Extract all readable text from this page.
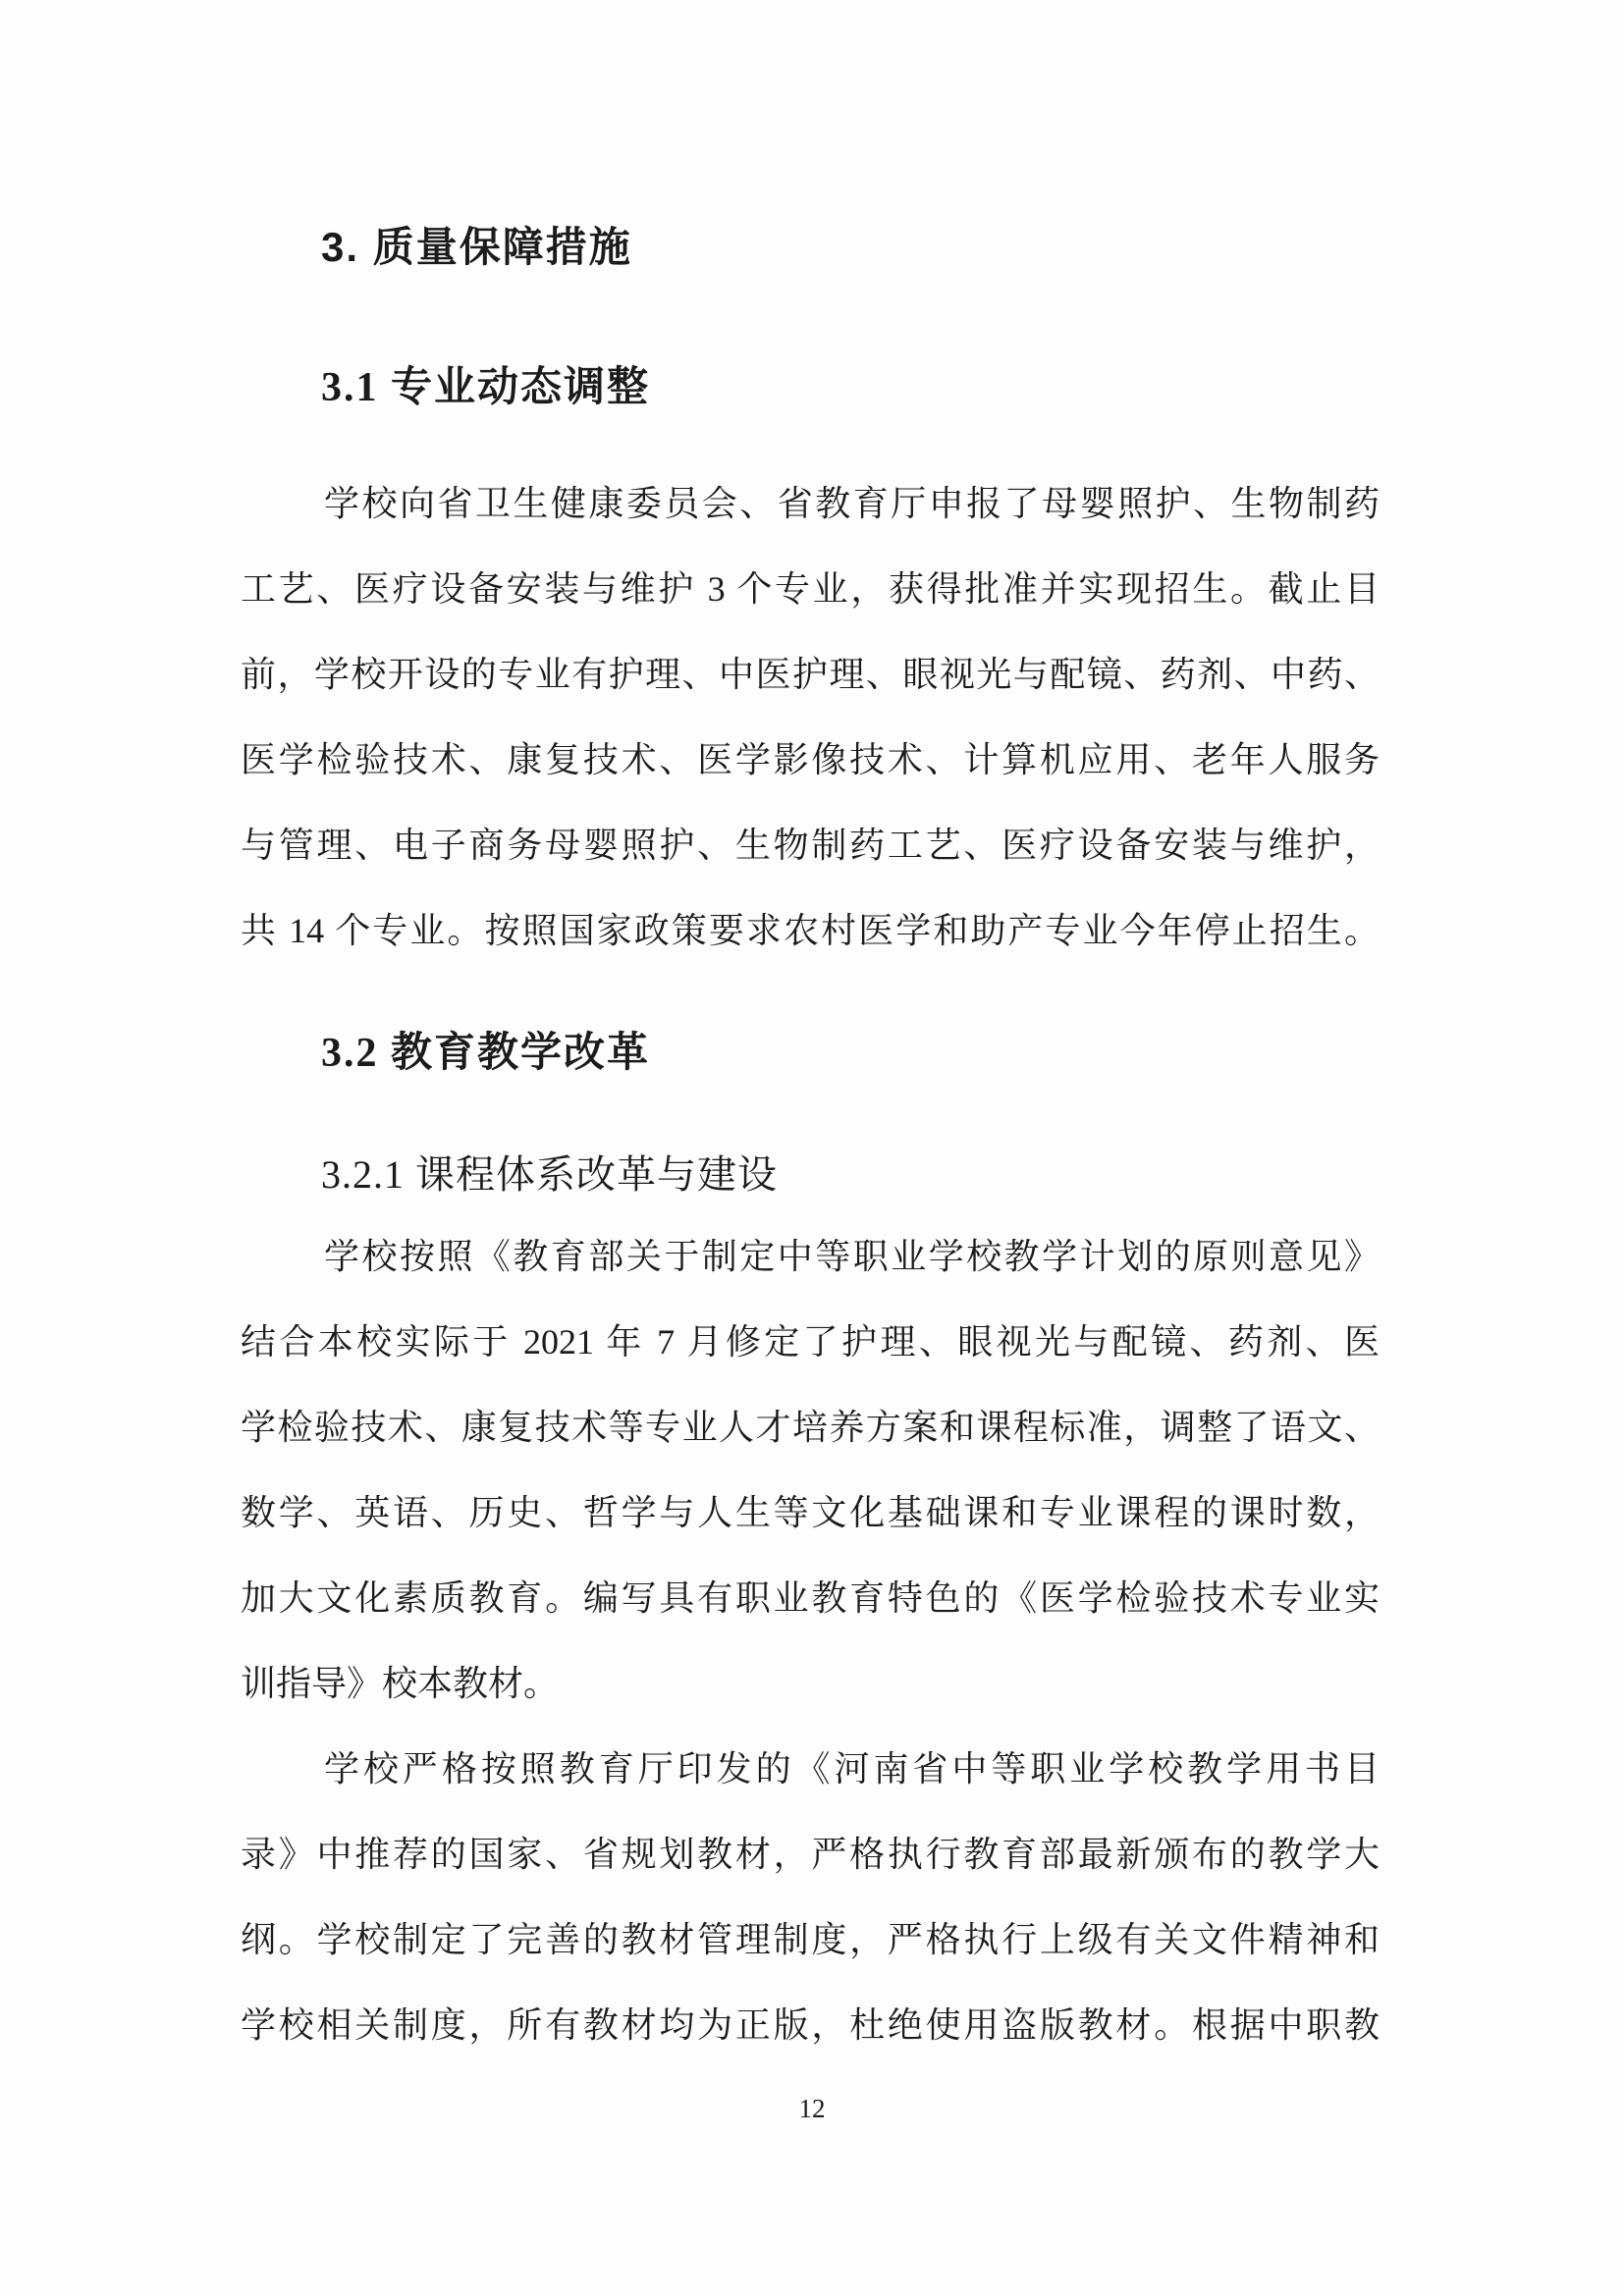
3. 质量保障措施
3.1 专业动态调整
学校向省卫生健康委员会、省教育厅申报了母婴照护、生物制药
工艺、医疗设备安装与维护 3 个专业，获得批准并实现招生。截止目
前，学校开设的专业有护理、中医护理、眼视光与配镜、药剂、中药、
医学检验技术、康复技术、医学影像技术、计算机应用、老年人服务
与管理、电子商务母婴照护、生物制药工艺、医疗设备安装与维护，
共 14 个专业。按照国家政策要求农村医学和助产专业今年停止招生。
3.2 教育教学改革
3.2.1 课程体系改革与建设
学校按照《教育部关于制定中等职业学校教学计划的原则意见》
结合本校实际于 2021 年 7 月修定了护理、眼视光与配镜、药剂、医
学检验技术、康复技术等专业人才培养方案和课程标准，调整了语文、
数学、英语、历史、哲学与人生等文化基础课和专业课程的课时数，
加大文化素质教育。编写具有职业教育特色的《医学检验技术专业实
训指导》校本教材。
学校严格按照教育厅印发的《河南省中等职业学校教学用书目
录》中推荐的国家、省规划教材，严格执行教育部最新颁布的教学大
纲。学校制定了完善的教材管理制度，严格执行上级有关文件精神和
学校相关制度，所有教材均为正版，杜绝使用盗版教材。根据中职教
12
